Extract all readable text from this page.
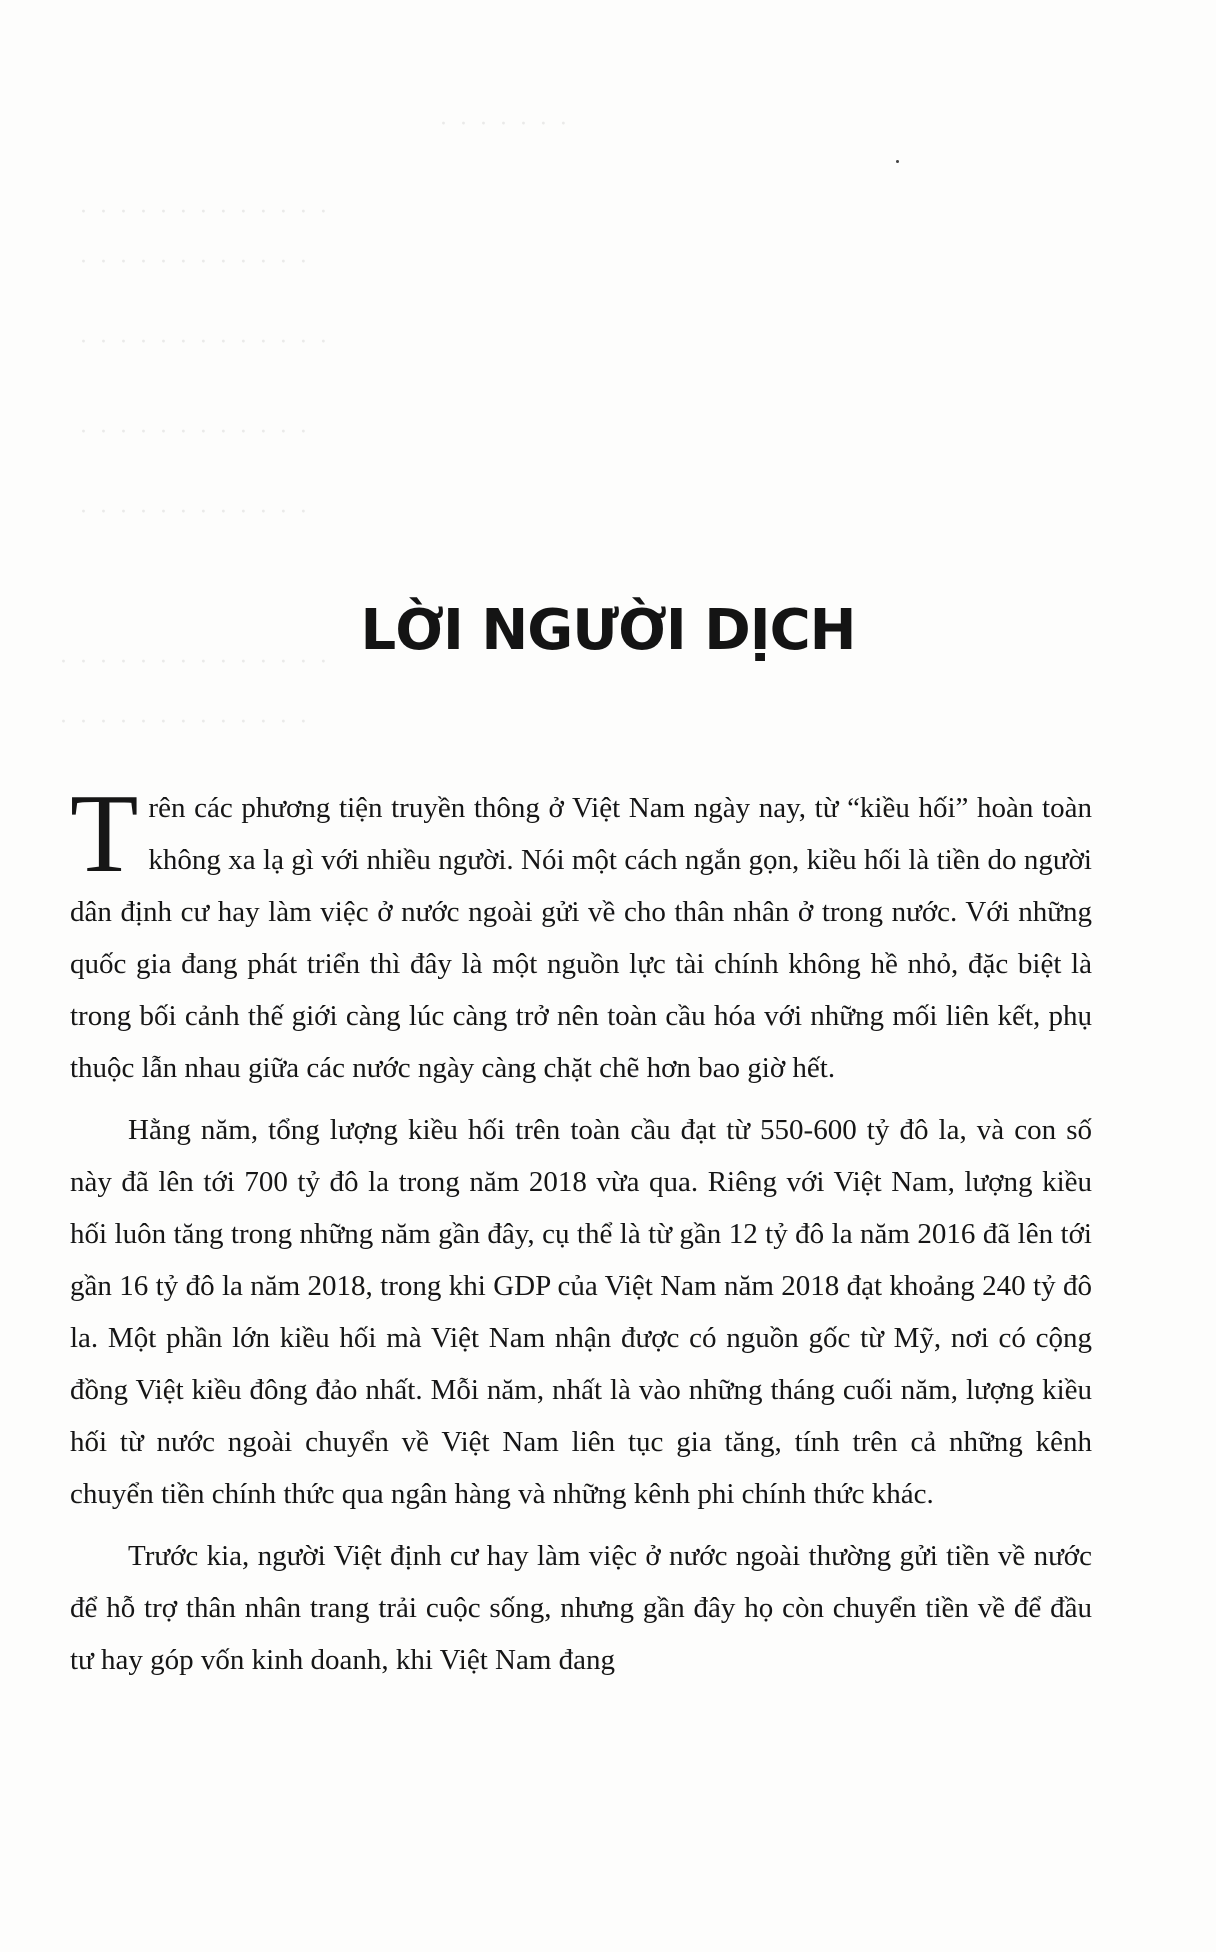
· · · · · · ·
· · · · · · · · · · · · ·
· · · · · · · · · · · ·
· · · · · · · · · · · · ·
· · · · · · · · · · · ·
· · · · · · · · · · · ·
· · · · · · · · · · · · · ·
· · · · · · · · · · · · ·
LỜI NGƯỜI DỊCH

Trên các phương tiện truyền thông ở Việt Nam ngày nay, từ “kiều hối” hoàn toàn không xa lạ gì với nhiều người. Nói một cách ngắn gọn, kiều hối là tiền do người dân định cư hay làm việc ở nước ngoài gửi về cho thân nhân ở trong nước. Với những quốc gia đang phát triển thì đây là một nguồn lực tài chính không hề nhỏ, đặc biệt là trong bối cảnh thế giới càng lúc càng trở nên toàn cầu hóa với những mối liên kết, phụ thuộc lẫn nhau giữa các nước ngày càng chặt chẽ hơn bao giờ hết.

Hằng năm, tổng lượng kiều hối trên toàn cầu đạt từ 550-600 tỷ đô la, và con số này đã lên tới 700 tỷ đô la trong năm 2018 vừa qua. Riêng với Việt Nam, lượng kiều hối luôn tăng trong những năm gần đây, cụ thể là từ gần 12 tỷ đô la năm 2016 đã lên tới gần 16 tỷ đô la năm 2018, trong khi GDP của Việt Nam năm 2018 đạt khoảng 240 tỷ đô la. Một phần lớn kiều hối mà Việt Nam nhận được có nguồn gốc từ Mỹ, nơi có cộng đồng Việt kiều đông đảo nhất. Mỗi năm, nhất là vào những tháng cuối năm, lượng kiều hối từ nước ngoài chuyển về Việt Nam liên tục gia tăng, tính trên cả những kênh chuyển tiền chính thức qua ngân hàng và những kênh phi chính thức khác.

Trước kia, người Việt định cư hay làm việc ở nước ngoài thường gửi tiền về nước để hỗ trợ thân nhân trang trải cuộc sống, nhưng gần đây họ còn chuyển tiền về để đầu tư hay góp vốn kinh doanh, khi Việt Nam đang
